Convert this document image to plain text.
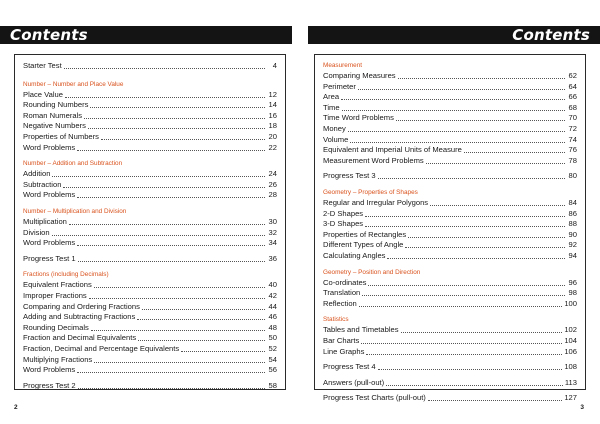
Contents
Starter Test	4
Number – Number and Place Value
Place Value	12
Rounding Numbers	14
Roman Numerals	16
Negative Numbers	18
Properties of Numbers	20
Word Problems	22
Number – Addition and Subtraction
Addition	24
Subtraction	26
Word Problems	28
Number – Multiplication and Division
Multiplication	30
Division	32
Word Problems	34
Progress Test 1	36
Fractions (including Decimals)
Equivalent Fractions	40
Improper Fractions	42
Comparing and Ordering Fractions	44
Adding and Subtracting Fractions	46
Rounding Decimals	48
Fraction and Decimal Equivalents	50
Fraction, Decimal and Percentage Equivalents	52
Multiplying Fractions	54
Word Problems	56
Progress Test 2	58
2
Contents
Measurement
Comparing Measures	62
Perimeter	64
Area	66
Time	68
Time Word Problems	70
Money	72
Volume	74
Equivalent and Imperial Units of Measure	76
Measurement Word Problems	78
Progress Test 3	80
Geometry – Properties of Shapes
Regular and Irregular Polygons	84
2-D Shapes	86
3-D Shapes	88
Properties of Rectangles	90
Different Types of Angle	92
Calculating Angles	94
Geometry – Position and Direction
Co-ordinates	96
Translation	98
Reflection	100
Statistics
Tables and Timetables	102
Bar Charts	104
Line Graphs	106
Progress Test 4	108
Answers (pull-out)	113
Progress Test Charts (pull-out)	127
3
